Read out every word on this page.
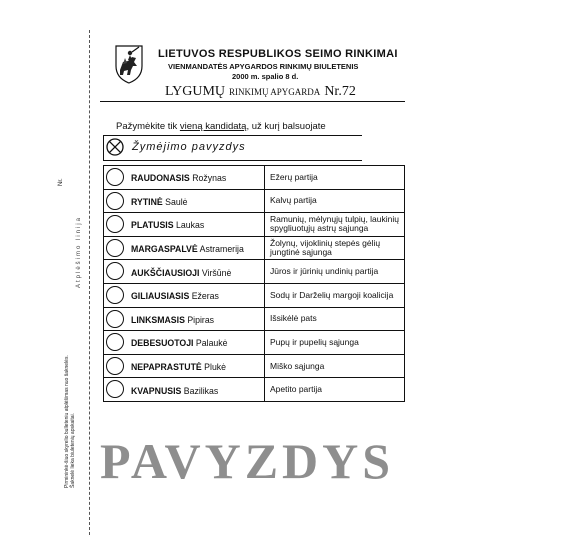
Nr.
Atplėšimo linija
Pirmininkė-šiuo skyrelio bulleteniu atplėšimas nuo šaknelės. Šaknelė lieka biuletenių apskaitai.
LIETUVOS RESPUBLIKOS SEIMO RINKIMAI
VIENMANDATĖS APYGARDOS RINKIMŲ BIULETENIS
2000 m. spalio 8 d.
LYGUMŲ RINKIMŲ APYGARDA Nr.72
Pažymėkite tik vieną kandidatą, už kurį balsuojate
Žymėjimo pavyzdys
RAUDONASIS Rožynas	Ežerų partija

RYTINĖ Saulė	Kalvų partija

PLATUSIS Laukas	Ramunių, mėlynųjų tulpių, laukinių spygliuotųjų astrų sąjunga

MARGASPALVĖ Astramerija	Žolynų, vijoklinių stepės gėlių jungtinė sąjunga

AUKŠČIAUSIOJI Viršūnė	Jūros ir jūrinių undinių partija

GILIAUSIASIS Ežeras	Sodų ir Darželių margoji koalicija

LINKSMASIS Pipiras	Išsikėlė pats

DEBESUOTOJI Palaukė	Pupų ir pupelių sąjunga

NEPAPRASTUTĖ Plukė	Miško sąjunga

KVAPNUSIS Bazilikas	Apetito partija
PAVYZDYS
